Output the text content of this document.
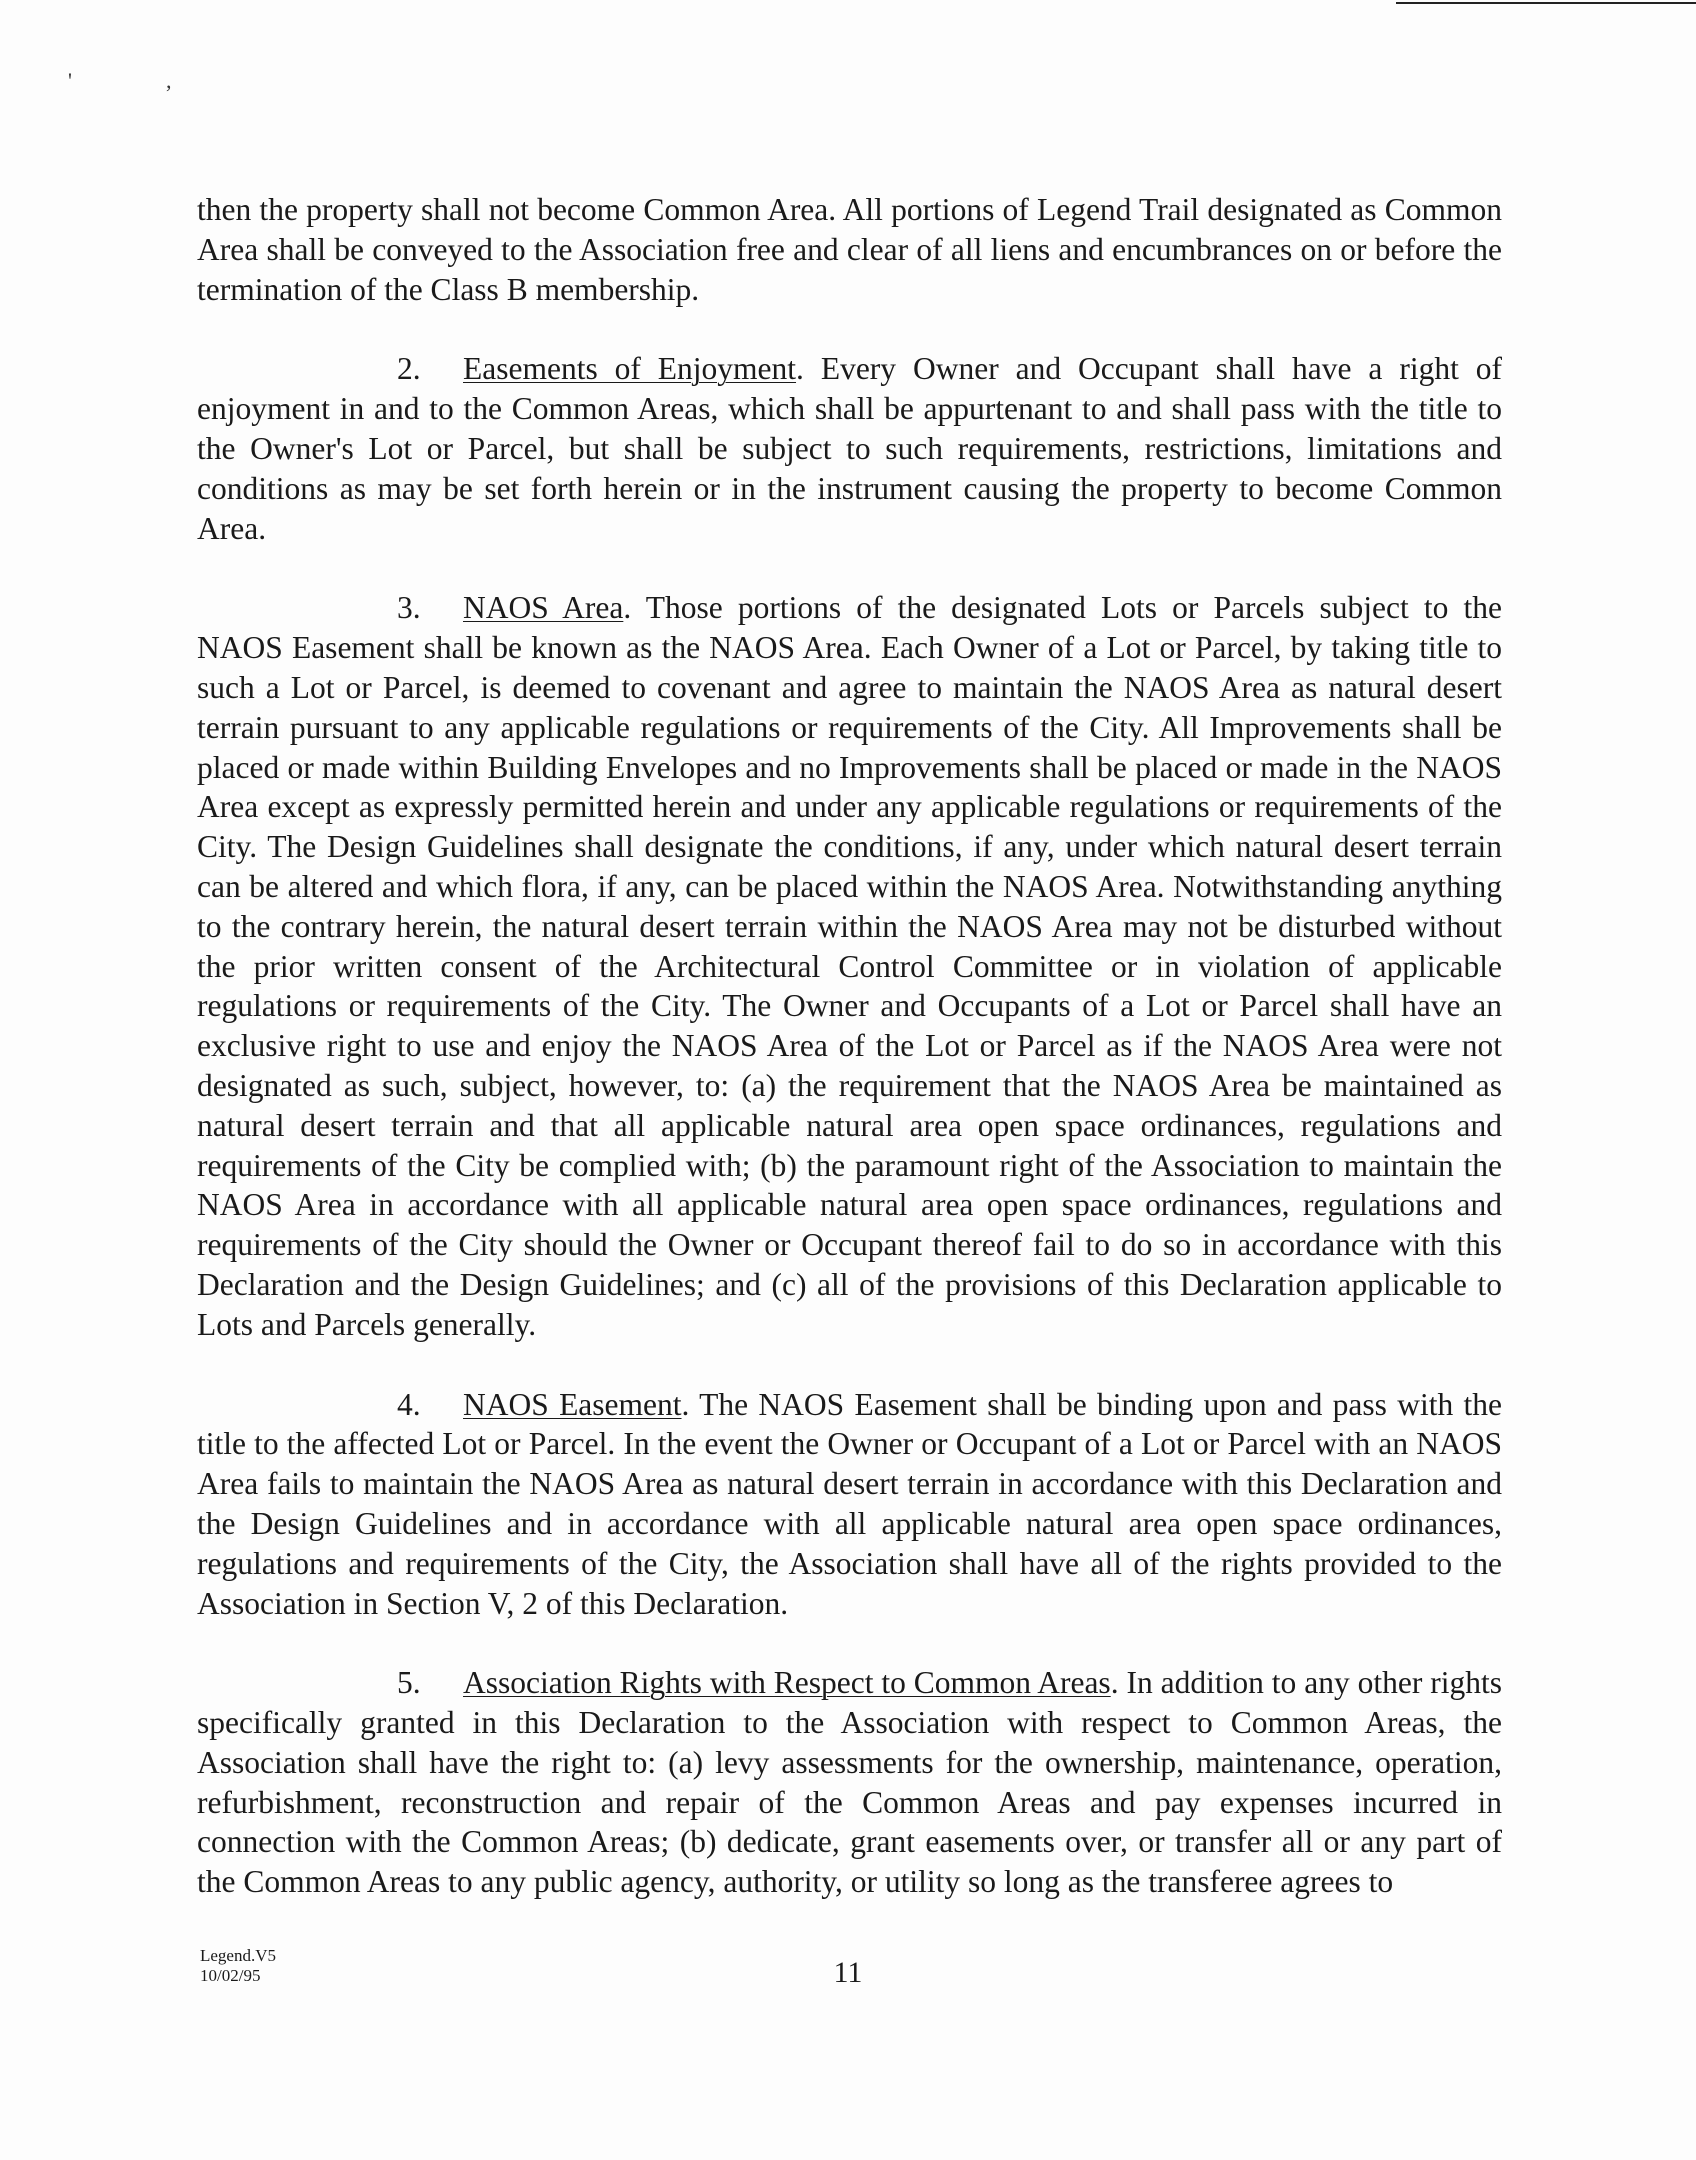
'	,

then the property shall not become Common Area. All portions of Legend Trail designated as Common Area shall be conveyed to the Association free and clear of all liens and encumbrances on or before the termination of the Class B membership.

2. Easements of Enjoyment. Every Owner and Occupant shall have a right of enjoyment in and to the Common Areas, which shall be appurtenant to and shall pass with the title to the Owner's Lot or Parcel, but shall be subject to such requirements, restrictions, limitations and conditions as may be set forth herein or in the instrument causing the property to become Common Area.

3. NAOS Area. Those portions of the designated Lots or Parcels subject to the NAOS Easement shall be known as the NAOS Area. Each Owner of a Lot or Parcel, by taking title to such a Lot or Parcel, is deemed to covenant and agree to maintain the NAOS Area as natural desert terrain pursuant to any applicable regulations or requirements of the City. All Improvements shall be placed or made within Building Envelopes and no Improvements shall be placed or made in the NAOS Area except as expressly permitted herein and under any applicable regulations or requirements of the City. The Design Guidelines shall designate the conditions, if any, under which natural desert terrain can be altered and which flora, if any, can be placed within the NAOS Area. Notwithstanding anything to the contrary herein, the natural desert terrain within the NAOS Area may not be disturbed without the prior written consent of the Architectural Control Committee or in violation of applicable regulations or requirements of the City. The Owner and Occupants of a Lot or Parcel shall have an exclusive right to use and enjoy the NAOS Area of the Lot or Parcel as if the NAOS Area were not designated as such, subject, however, to: (a) the requirement that the NAOS Area be maintained as natural desert terrain and that all applicable natural area open space ordinances, regulations and requirements of the City be complied with; (b) the paramount right of the Association to maintain the NAOS Area in accordance with all applicable natural area open space ordinances, regulations and requirements of the City should the Owner or Occupant thereof fail to do so in accordance with this Declaration and the Design Guidelines; and (c) all of the provisions of this Declaration applicable to Lots and Parcels generally.

4. NAOS Easement. The NAOS Easement shall be binding upon and pass with the title to the affected Lot or Parcel. In the event the Owner or Occupant of a Lot or Parcel with an NAOS Area fails to maintain the NAOS Area as natural desert terrain in accordance with this Declaration and the Design Guidelines and in accordance with all applicable natural area open space ordinances, regulations and requirements of the City, the Association shall have all of the rights provided to the Association in Section V, 2 of this Declaration.

5. Association Rights with Respect to Common Areas. In addition to any other rights specifically granted in this Declaration to the Association with respect to Common Areas, the Association shall have the right to: (a) levy assessments for the ownership, maintenance, operation, refurbishment, reconstruction and repair of the Common Areas and pay expenses incurred in connection with the Common Areas; (b) dedicate, grant easements over, or transfer all or any part of the Common Areas to any public agency, authority, or utility so long as the transferee agrees to

Legend.V5
10/02/95	11
